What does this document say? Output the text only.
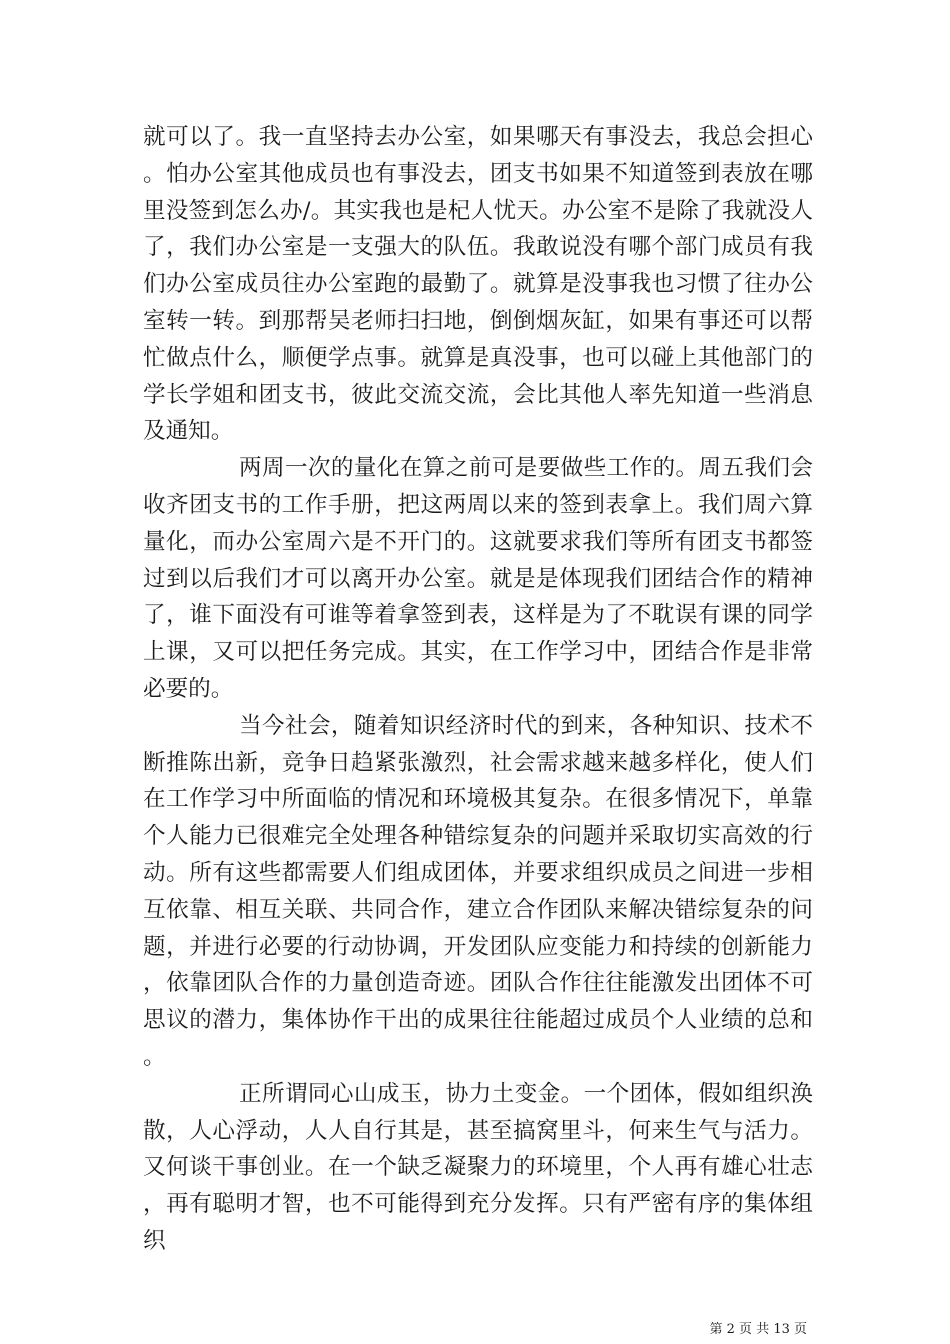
就可以了。我一直坚持去办公室，如果哪天有事没去，我总会担心。怕办公室其他成员也有事没去，团支书如果不知道签到表放在哪里没签到怎么办/。其实我也是杞人忧天。办公室不是除了我就没人了，我们办公室是一支强大的队伍。我敢说没有哪个部门成员有我们办公室成员往办公室跑的最勤了。就算是没事我也习惯了往办公室转一转。到那帮吴老师扫扫地，倒倒烟灰缸，如果有事还可以帮忙做点什么，顺便学点事。就算是真没事，也可以碰上其他部门的学长学姐和团支书，彼此交流交流，会比其他人率先知道一些消息及通知。

两周一次的量化在算之前可是要做些工作的。周五我们会收齐团支书的工作手册，把这两周以来的签到表拿上。我们周六算量化，而办公室周六是不开门的。这就要求我们等所有团支书都签过到以后我们才可以离开办公室。就是是体现我们团结合作的精神了，谁下面没有可谁等着拿签到表，这样是为了不耽误有课的同学上课，又可以把任务完成。其实，在工作学习中，团结合作是非常必要的。

当今社会，随着知识经济时代的到来，各种知识、技术不断推陈出新，竞争日趋紧张激烈，社会需求越来越多样化，使人们在工作学习中所面临的情况和环境极其复杂。在很多情况下，单靠个人能力已很难完全处理各种错综复杂的问题并采取切实高效的行动。所有这些都需要人们组成团体，并要求组织成员之间进一步相互依靠、相互关联、共同合作，建立合作团队来解决错综复杂的问题，并进行必要的行动协调，开发团队应变能力和持续的创新能力，依靠团队合作的力量创造奇迹。团队合作往往能激发出团体不可思议的潜力，集体协作干出的成果往往能超过成员个人业绩的总和。

正所谓同心山成玉，协力土变金。一个团体，假如组织涣散，人心浮动，人人自行其是，甚至搞窝里斗，何来生气与活力。又何谈干事创业。在一个缺乏凝聚力的环境里，个人再有雄心壮志，再有聪明才智，也不可能得到充分发挥。只有严密有序的集体组织

第 2 页 共 13 页
